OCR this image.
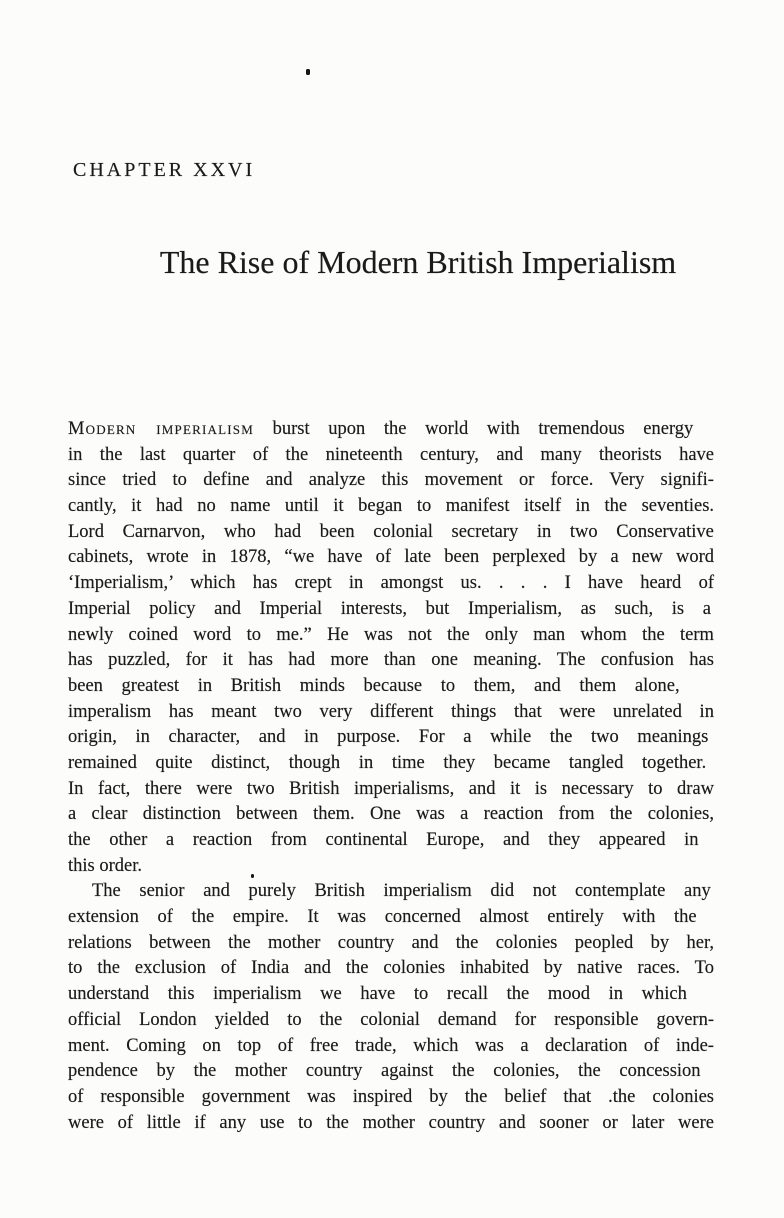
CHAPTER XXVI
The Rise of Modern British Imperialism
Modern imperialism burst upon the world with tremendous energy
in the last quarter of the nineteenth century, and many theorists have
since tried to define and analyze this movement or force. Very signifi-
cantly, it had no name until it began to manifest itself in the seventies.
Lord Carnarvon, who had been colonial secretary in two Conservative
cabinets, wrote in 1878, “we have of late been perplexed by a new word
‘Imperialism,’ which has crept in amongst us. . . . I have heard of
Imperial policy and Imperial interests, but Imperialism, as such, is a
newly coined word to me.” He was not the only man whom the term
has puzzled, for it has had more than one meaning. The confusion has
been greatest in British minds because to them, and them alone,
imperalism has meant two very different things that were unrelated in
origin, in character, and in purpose. For a while the two meanings
remained quite distinct, though in time they became tangled together.
In fact, there were two British imperialisms, and it is necessary to draw
a clear distinction between them. One was a reaction from the colonies,
the other a reaction from continental Europe, and they appeared in
this order.
The senior and purely British imperialism did not contemplate any
extension of the empire. It was concerned almost entirely with the
relations between the mother country and the colonies peopled by her,
to the exclusion of India and the colonies inhabited by native races. To
understand this imperialism we have to recall the mood in which
official London yielded to the colonial demand for responsible govern-
ment. Coming on top of free trade, which was a declaration of inde-
pendence by the mother country against the colonies, the concession
of responsible government was inspired by the belief that .the colonies
were of little if any use to the mother country and sooner or later were
